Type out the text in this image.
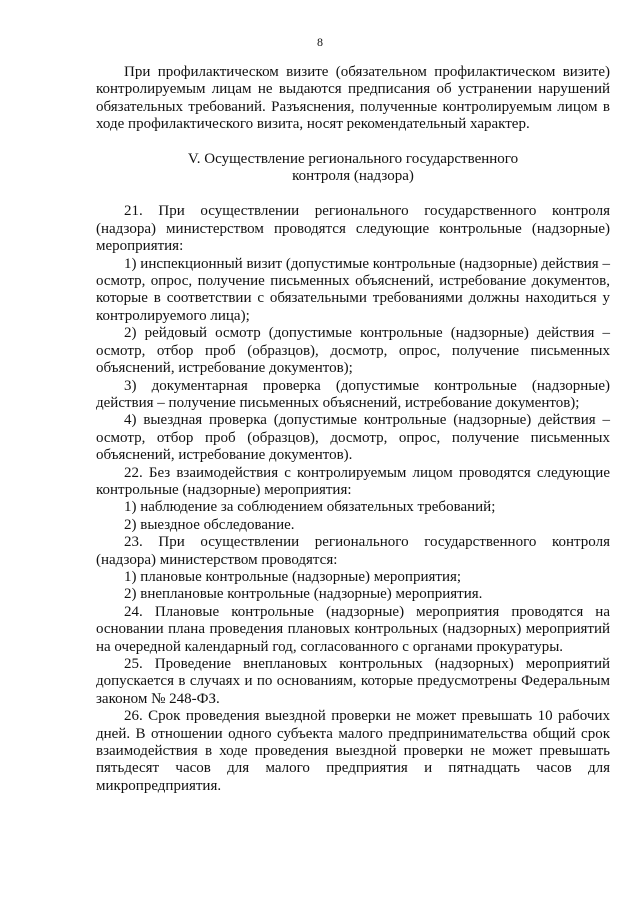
8

При профилактическом визите (обязательном профилактическом визите) контролируемым лицам не выдаются предписания об устранении нарушений обязательных требований. Разъяснения, полученные контролируемым лицом в ходе профилактического визита, носят рекомендательный характер.

V. Осуществление регионального государственного
контроля (надзора)

21. При осуществлении регионального государственного контроля (надзора) министерством проводятся следующие контрольные (надзорные) мероприятия:

1) инспекционный визит (допустимые контрольные (надзорные) действия – осмотр, опрос, получение письменных объяснений, истребование документов, которые в соответствии с обязательными требованиями должны находиться у контролируемого лица);

2) рейдовый осмотр (допустимые контрольные (надзорные) действия – осмотр, отбор проб (образцов), досмотр, опрос, получение письменных объяснений, истребование документов);

3) документарная проверка (допустимые контрольные (надзорные) действия – получение письменных объяснений, истребование документов);

4) выездная проверка (допустимые контрольные (надзорные) действия – осмотр, отбор проб (образцов), досмотр, опрос, получение письменных объяснений, истребование документов).

22. Без взаимодействия с контролируемым лицом проводятся следующие контрольные (надзорные) мероприятия:

1) наблюдение за соблюдением обязательных требований;

2) выездное обследование.

23. При осуществлении регионального государственного контроля (надзора) министерством проводятся:

1) плановые контрольные (надзорные) мероприятия;

2) внеплановые контрольные (надзорные) мероприятия.

24. Плановые контрольные (надзорные) мероприятия проводятся на основании плана проведения плановых контрольных (надзорных) мероприятий на очередной календарный год, согласованного с органами прокуратуры.

25. Проведение внеплановых контрольных (надзорных) мероприятий допускается в случаях и по основаниям, которые предусмотрены Федеральным законом № 248-ФЗ.

26. Срок проведения выездной проверки не может превышать 10 рабочих дней. В отношении одного субъекта малого предпринимательства общий срок взаимодействия в ходе проведения выездной проверки не может превышать пятьдесят часов для малого предприятия и пятнадцать часов для микропредприятия.
